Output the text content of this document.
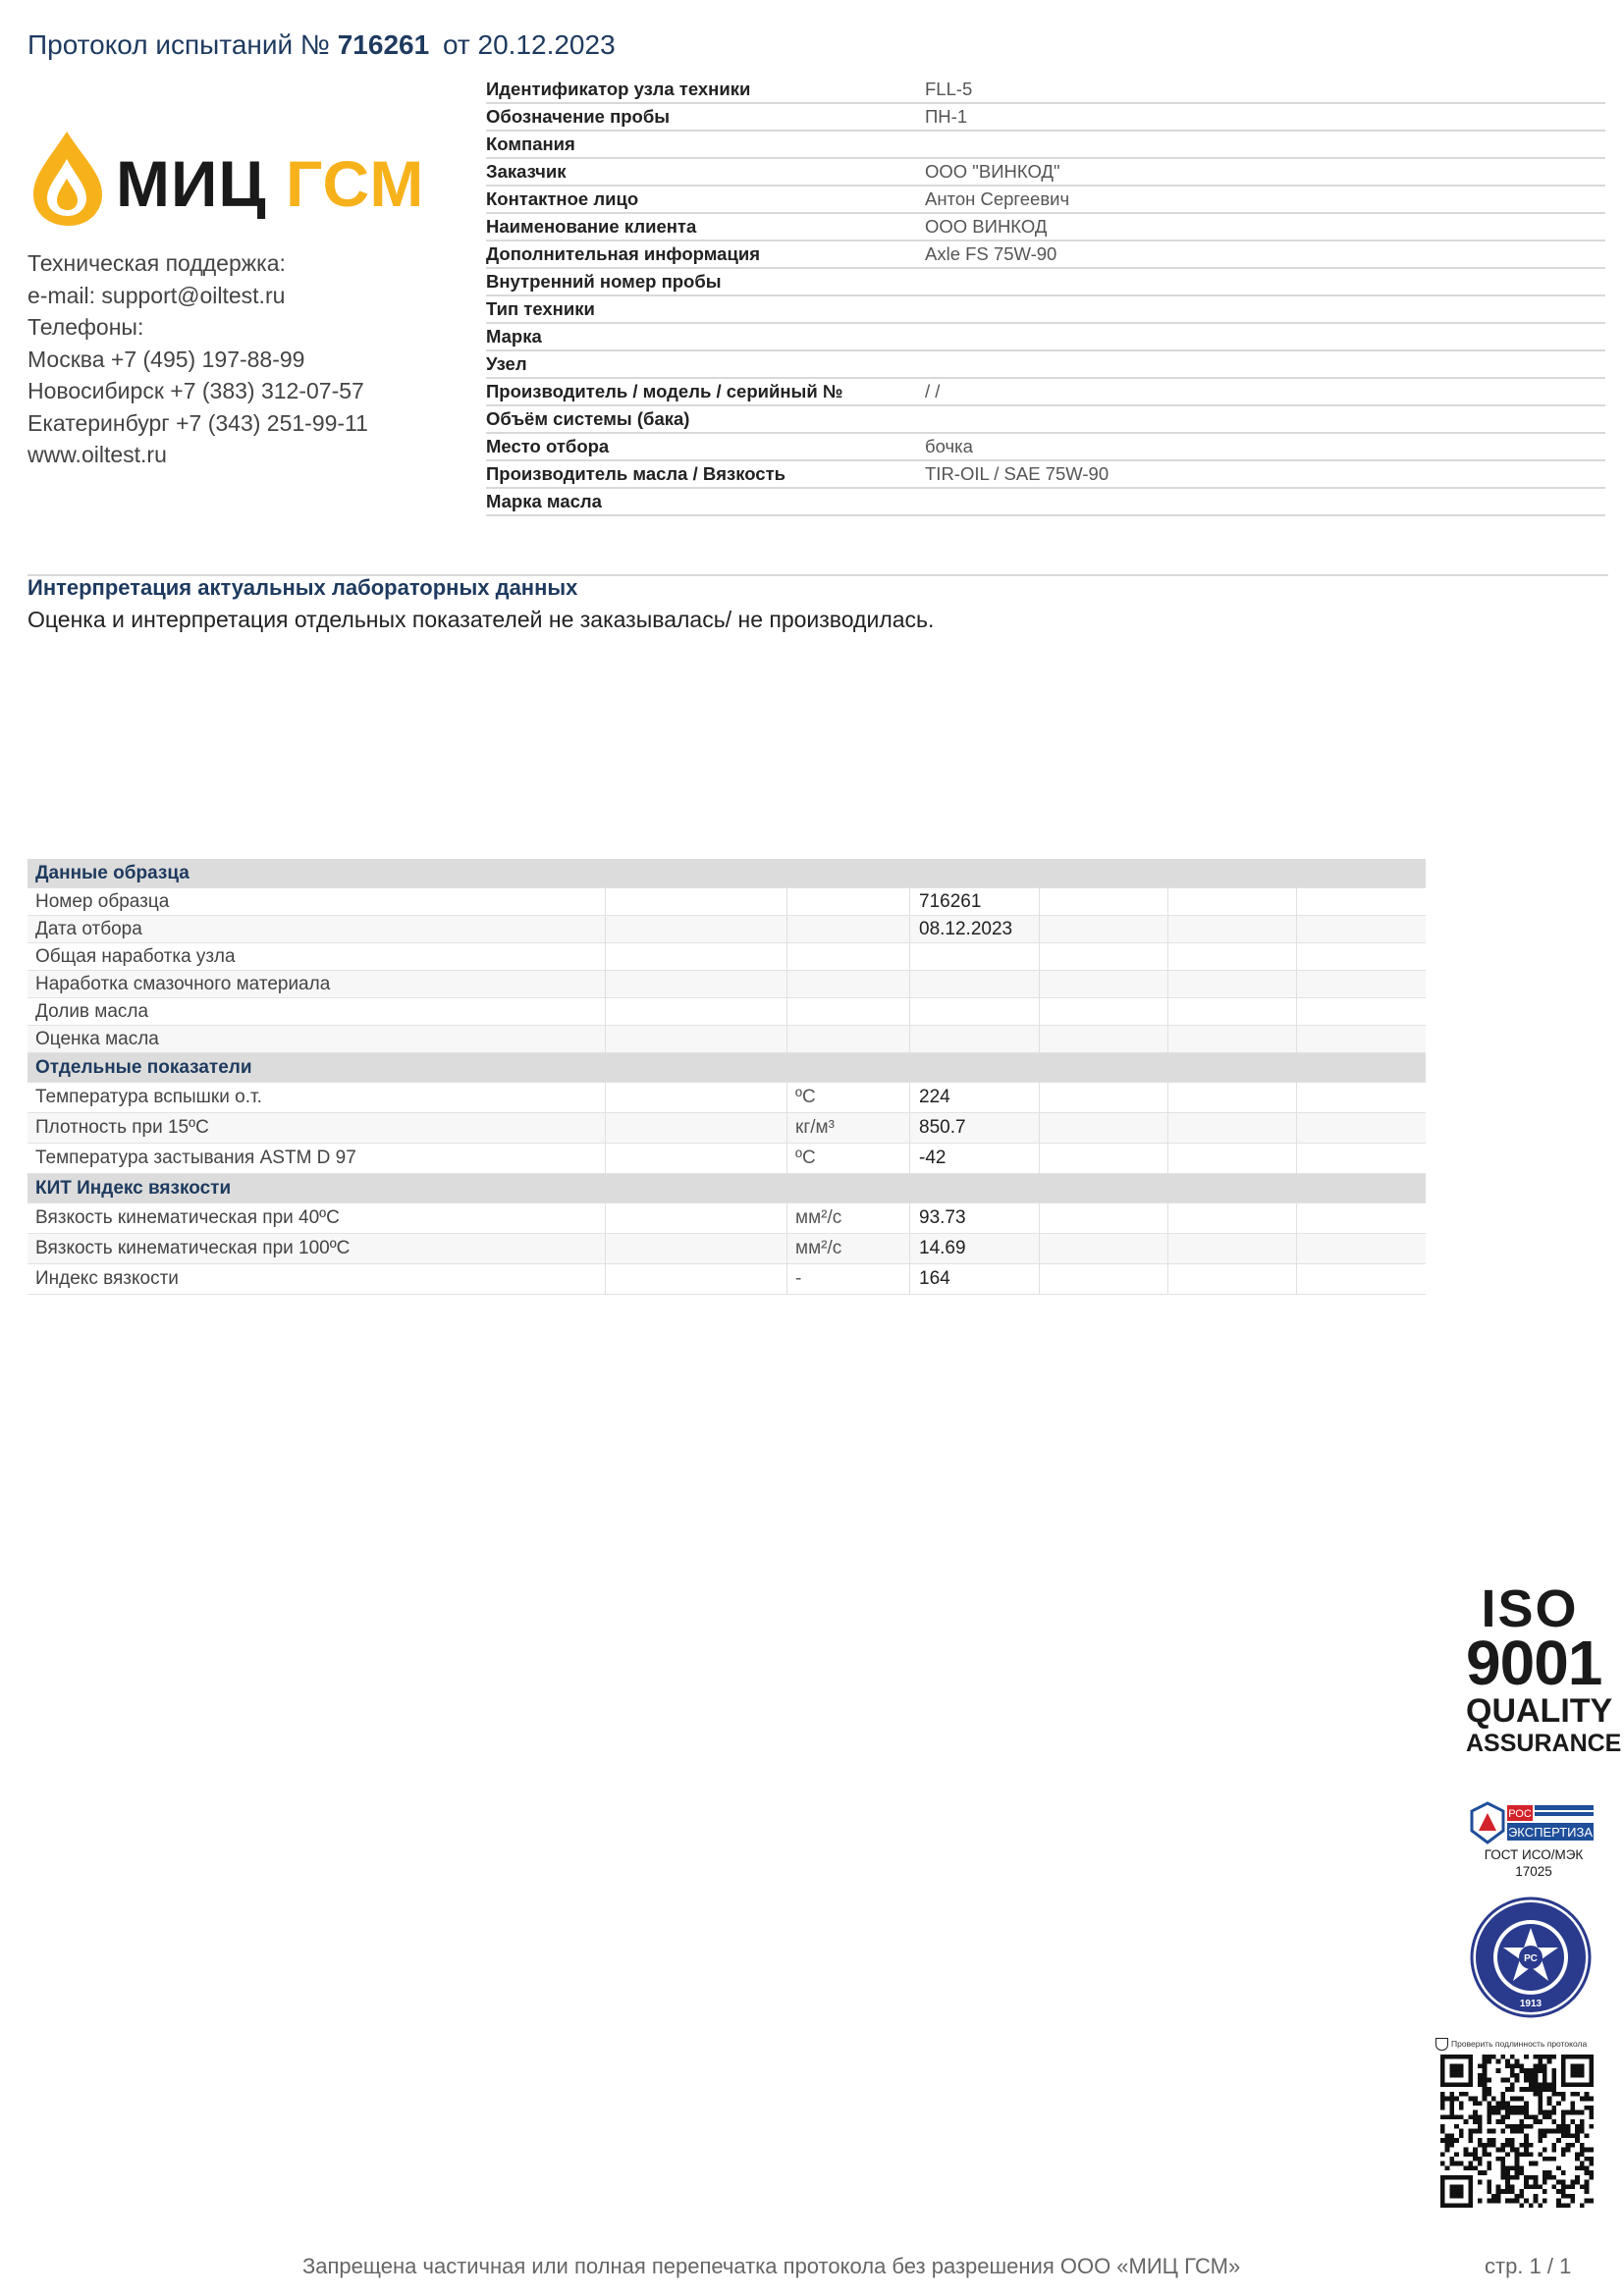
Протокол испытаний № 716261 от 20.12.2023
МИЦ ГСМ
Техническая поддержка:
e-mail: support@oiltest.ru
Телефоны:
Москва +7 (495) 197-88-99
Новосибирск +7 (383) 312-07-57
Екатеринбург +7 (343) 251-99-11
www.oiltest.ru
Идентификатор узла техники	FLL-5
Обозначение пробы	ПН-1
Компания
Заказчик	ООО "ВИНКОД"
Контактное лицо	Антон Сергеевич
Наименование клиента	ООО ВИНКОД
Дополнительная информация	Axle FS 75W-90
Внутренний номер пробы
Тип техники
Марка
Узел
Производитель / модель / серийный №	/ /
Объём системы (бака)
Место отбора	бочка
Производитель масла / Вязкость	TIR-OIL / SAE 75W-90
Марка масла
Интерпретация актуальных лабораторных данных
Оценка и интерпретация отдельных показателей не заказывалась/ не производилась.
Данные образца
Номер образца	716261
Дата отбора	08.12.2023
Общая наработка узла
Наработка смазочного материала
Долив масла
Оценка масла
Отдельные показатели
Температура вспышки о.т.	ºC	224
Плотность при 15ºC	кг/м³	850.7
Температура застывания ASTM D 97	ºC	-42
КИТ Индекс вязкости
Вязкость кинематическая при 40ºC	мм²/с	93.73
Вязкость кинематическая при 100ºC	мм²/с	14.69
Индекс вязкости	-	164
ISO
9001
QUALITY
ASSURANCE
РОС
ЭКСПЕРТИЗА
ГОСТ ИСО/МЭК
17025
РС
1913
Проверить подлинность протокола
Запрещена частичная или полная перепечатка протокола без разрешения ООО «МИЦ ГСМ»	стр. 1 / 1
